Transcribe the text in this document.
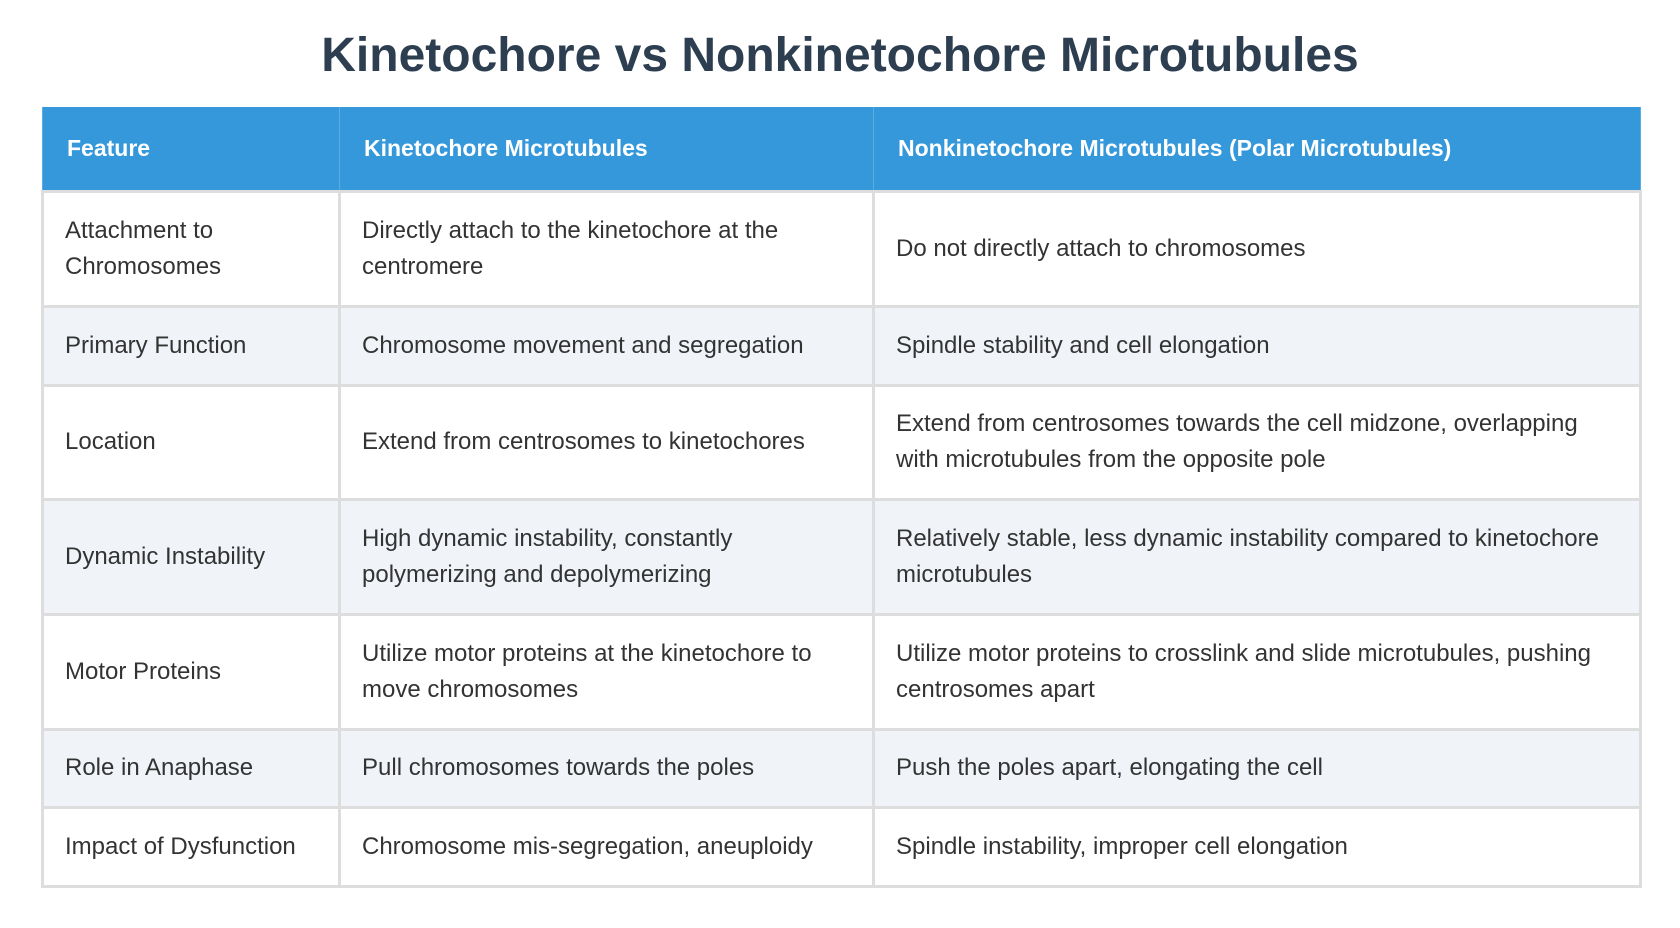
Kinetochore vs Nonkinetochore Microtubules
Feature	Kinetochore Microtubules	Nonkinetochore Microtubules (Polar Microtubules)
Attachment to Chromosomes	Directly attach to the kinetochore at the centromere	Do not directly attach to chromosomes
Primary Function	Chromosome movement and segregation	Spindle stability and cell elongation
Location	Extend from centrosomes to kinetochores	Extend from centrosomes towards the cell midzone, overlapping with microtubules from the opposite pole
Dynamic Instability	High dynamic instability, constantly polymerizing and depolymerizing	Relatively stable, less dynamic instability compared to kinetochore microtubules
Motor Proteins	Utilize motor proteins at the kinetochore to move chromosomes	Utilize motor proteins to crosslink and slide microtubules, pushing centrosomes apart
Role in Anaphase	Pull chromosomes towards the poles	Push the poles apart, elongating the cell
Impact of Dysfunction	Chromosome mis-segregation, aneuploidy	Spindle instability, improper cell elongation
